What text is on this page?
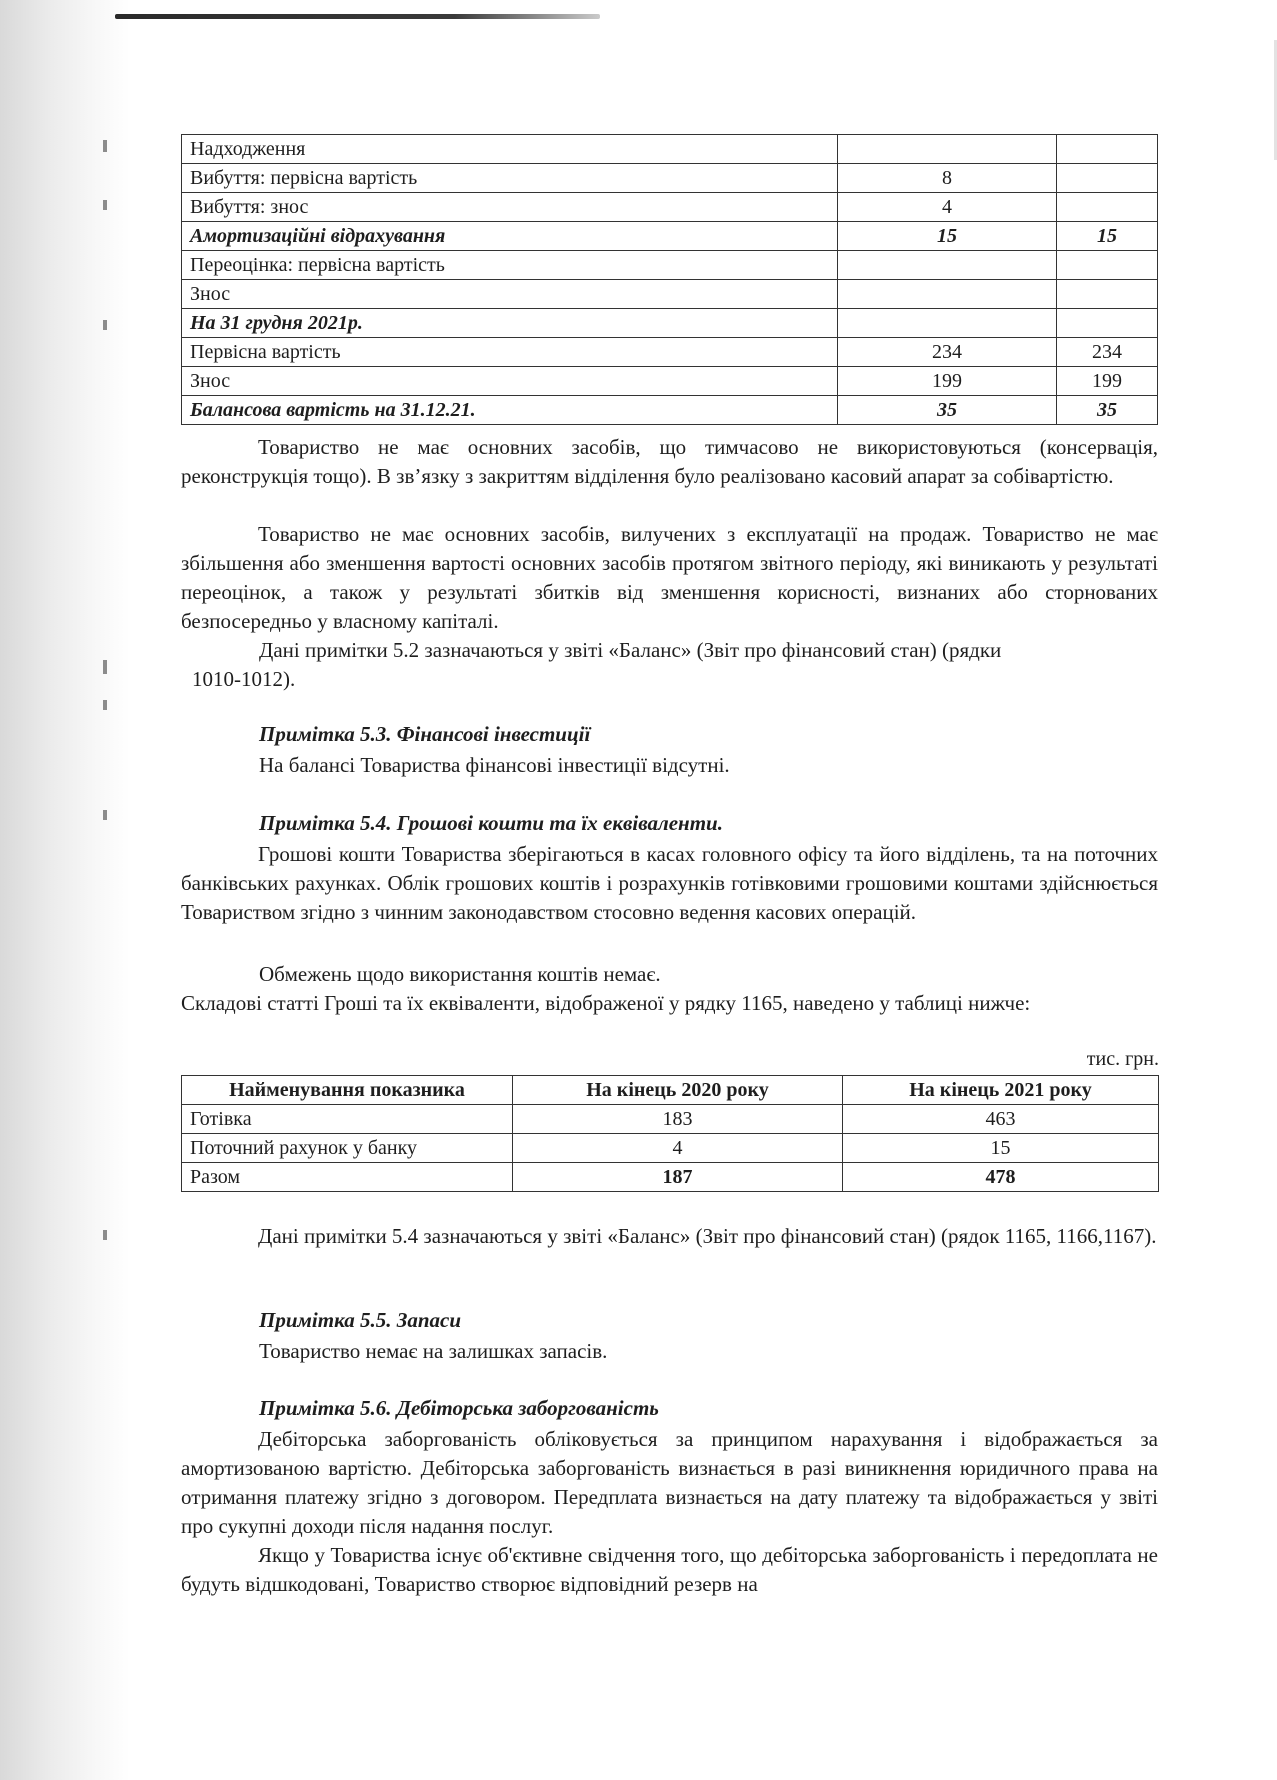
Надходження		
Вибуття: первісна вартість	8	
Вибуття: знос	4	
Амортизаційні відрахування	15	15
Переоцінка: первісна вартість		
Знос		
На 31 грудня 2021р.		
Первісна вартість	234	234
Знос	199	199
Балансова вартість на 31.12.21.	35	35

Товариство не має основних засобів, що тимчасово не використовуються (консервація, реконструкція тощо). В зв’язку з закриттям відділення було реалізовано касовий апарат за собівартістю.

Товариство не має основних засобів, вилучених з експлуатації на продаж. Товариство не має збільшення або зменшення вартості основних засобів протягом звітного періоду, які виникають у результаті переоцінок, а також у результаті збитків від зменшення корисності, визнаних або сторнованих безпосередньо у власному капіталі.

Дані примітки 5.2 зазначаються у звіті «Баланс» (Звіт про фінансовий стан) (рядки

1010-1012).

Примітка 5.3. Фінансові інвестиції

На балансі Товариства фінансові інвестиції відсутні.

Примітка 5.4. Грошові кошти та їх еквіваленти.

Грошові кошти Товариства зберігаються в касах головного офісу та його відділень, та на поточних банківських рахунках. Облік грошових коштів і розрахунків готівковими грошовими коштами здійснюється Товариством згідно з чинним законодавством стосовно ведення касових операцій.

Обмежень щодо використання коштів немає.

Складові статті Гроші та їх еквіваленти, відображеної у рядку 1165, наведено у таблиці нижче:

тис. грн.

Найменування показника	На кінець 2020 року	На кінець 2021 року
Готівка	183	463
Поточний рахунок у банку	4	15
Разом	187	478

Дані примітки 5.4 зазначаються у звіті «Баланс» (Звіт про фінансовий стан) (рядок 1165, 1166,1167).

Примітка 5.5. Запаси

Товариство немає на залишках запасів.

Примітка 5.6. Дебіторська заборгованість

Дебіторська заборгованість обліковується за принципом нарахування і відображається за амортизованою вартістю. Дебіторська заборгованість визнається в разі виникнення юридичного права на отримання платежу згідно з договором. Передплата визнається на дату платежу та відображається у звіті про сукупні доходи після надання послуг.

Якщо у Товариства існує об'єктивне свідчення того, що дебіторська заборгованість і передоплата не будуть відшкодовані, Товариство створює відповідний резерв на
